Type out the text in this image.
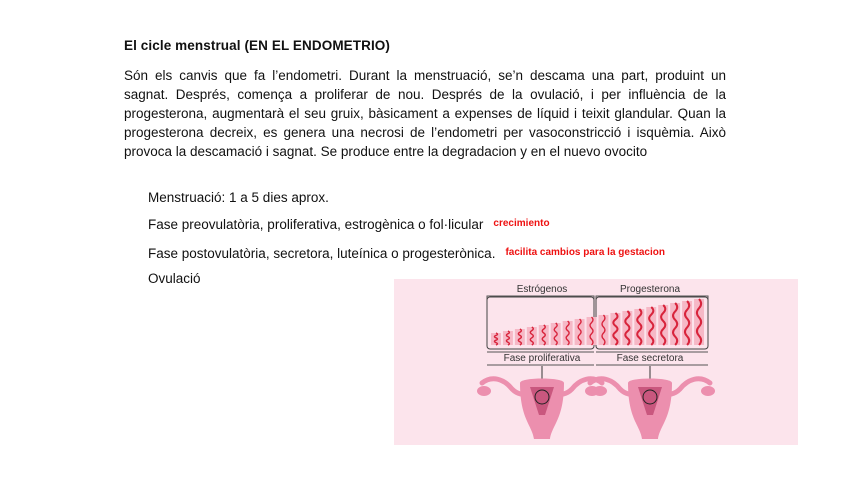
El cicle menstrual (EN EL ENDOMETRIO)
Són els canvis que fa l’endometri. Durant la menstruació, se’n descama una part, produint un sagnat. Després, comença a proliferar de nou. Després de la ovulació, i per influència de la progesterona, augmentarà el seu gruix, bàsicament a expenses de líquid i teixit glandular. Quan la progesterona decreix, es genera una necrosi de l’endometri per vasoconstricció i isquèmia. Això provoca la descamació i sagnat. Se produce entre la degradacion y en el nuevo ovocito
Menstruació: 1 a 5 dies aprox.
Fase preovulatòria, proliferativa, estrogènica o fol·licular $^{crecimiento}$
Fase postovulatòria, secretora, luteínica o progesterònica. $^{facilita cambios para la gestacion}$
Ovulació
Estrógenos	Progesterona
Fase proliferativa	Fase secretora
